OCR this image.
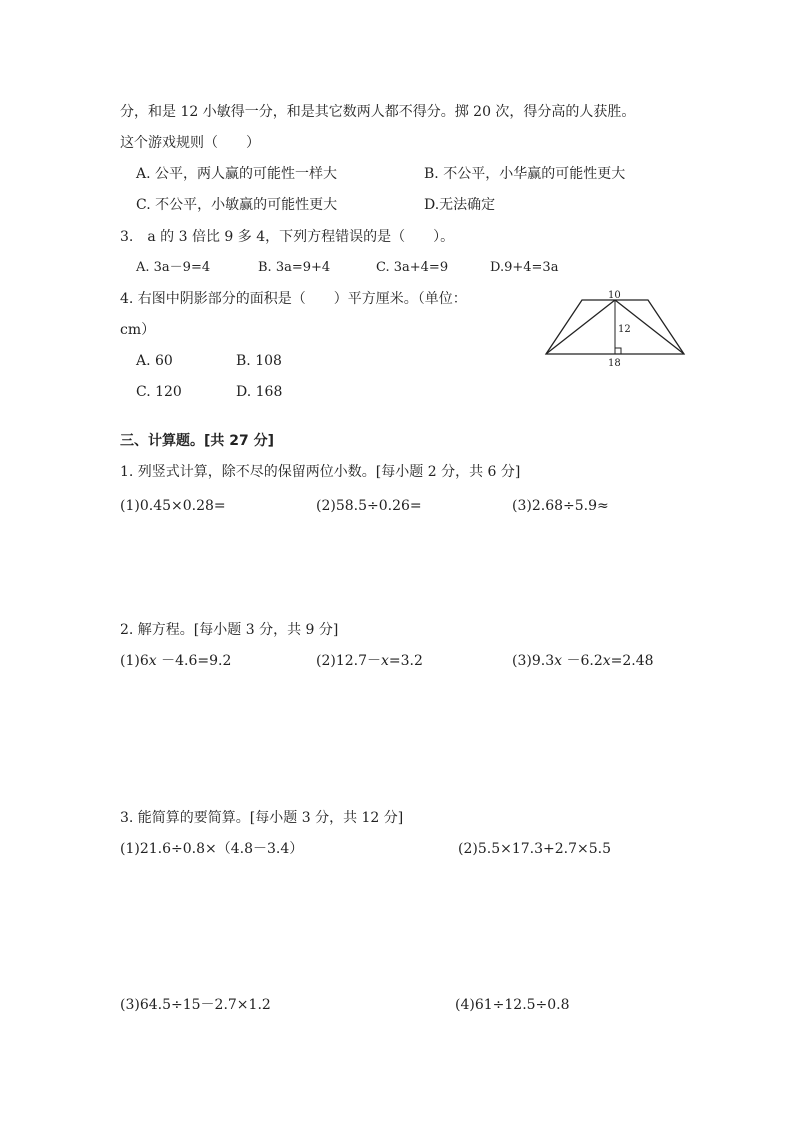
分，和是 12 小敏得一分，和是其它数两人都不得分。掷 20 次，得分高的人获胜。
这个游戏规则（　　）
A. 公平，两人赢的可能性一样大	B. 不公平，小华赢的可能性更大
C. 不公平，小敏赢的可能性更大	D.无法确定
3.　a 的 3 倍比 9 多 4，下列方程错误的是（　　）。
A. 3a－9=4	B. 3a=9+4	C. 3a+4=9	D.9+4=3a
4. 右图中阴影部分的面积是（　　）平方厘米。（单位：
cm）
A. 60	B. 108
C. 120	D. 168
10
12
18
三、计算题。[共 27 分]
1. 列竖式计算，除不尽的保留两位小数。[每小题 2 分，共 6 分]
(1)0.45×0.28=	(2)58.5÷0.26=	(3)2.68÷5.9≈
2. 解方程。[每小题 3 分，共 9 分]
(1)6x －4.6=9.2	(2)12.7－x=3.2	(3)9.3x －6.2x=2.48
3. 能简算的要简算。[每小题 3 分，共 12 分]
(1)21.6÷0.8×（4.8－3.4）	(2)5.5×17.3+2.7×5.5
(3)64.5÷15－2.7×1.2	(4)61÷12.5÷0.8
